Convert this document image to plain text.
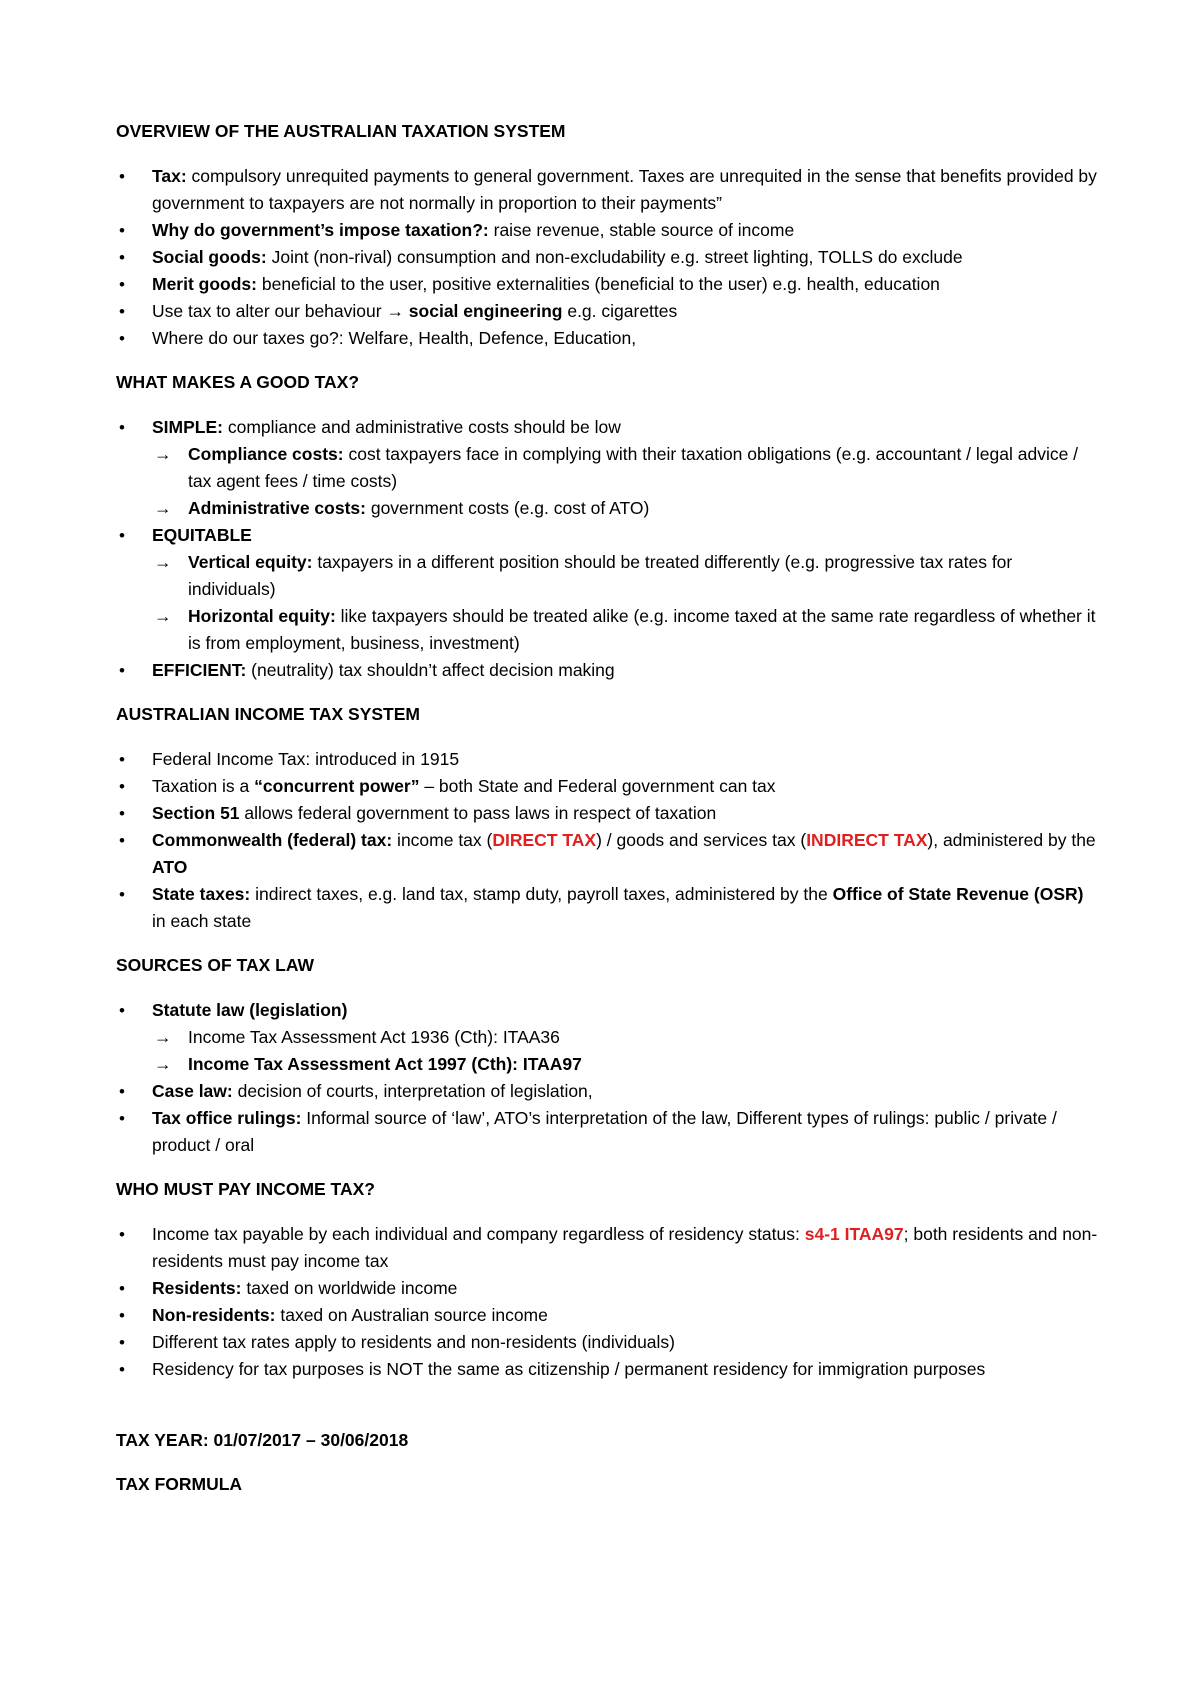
OVERVIEW OF THE AUSTRALIAN TAXATION SYSTEM

• Tax: compulsory unrequited payments to general government. Taxes are unrequited in the sense that benefits provided by government to taxpayers are not normally in proportion to their payments”
• Why do government’s impose taxation?: raise revenue, stable source of income
• Social goods: Joint (non-rival) consumption and non-excludability e.g. street lighting, TOLLS do exclude
• Merit goods: beneficial to the user, positive externalities (beneficial to the user) e.g. health, education
• Use tax to alter our behaviour → social engineering e.g. cigarettes
• Where do our taxes go?: Welfare, Health, Defence, Education,

WHAT MAKES A GOOD TAX?

• SIMPLE: compliance and administrative costs should be low
→ Compliance costs: cost taxpayers face in complying with their taxation obligations (e.g. accountant / legal advice / tax agent fees / time costs)
→ Administrative costs: government costs (e.g. cost of ATO)
• EQUITABLE
→ Vertical equity: taxpayers in a different position should be treated differently (e.g. progressive tax rates for individuals)
→ Horizontal equity: like taxpayers should be treated alike (e.g. income taxed at the same rate regardless of whether it is from employment, business, investment)
• EFFICIENT: (neutrality) tax shouldn’t affect decision making

AUSTRALIAN INCOME TAX SYSTEM

• Federal Income Tax: introduced in 1915
• Taxation is a “concurrent power” – both State and Federal government can tax
• Section 51 allows federal government to pass laws in respect of taxation
• Commonwealth (federal) tax: income tax (DIRECT TAX) / goods and services tax (INDIRECT TAX), administered by the ATO
• State taxes: indirect taxes, e.g. land tax, stamp duty, payroll taxes, administered by the Office of State Revenue (OSR) in each state

SOURCES OF TAX LAW

• Statute law (legislation)
→ Income Tax Assessment Act 1936 (Cth): ITAA36
→ Income Tax Assessment Act 1997 (Cth): ITAA97
• Case law: decision of courts, interpretation of legislation,
• Tax office rulings: Informal source of ‘law’, ATO’s interpretation of the law, Different types of rulings: public / private / product / oral

WHO MUST PAY INCOME TAX?

• Income tax payable by each individual and company regardless of residency status: s4-1 ITAA97; both residents and non-residents must pay income tax
• Residents: taxed on worldwide income
• Non-residents: taxed on Australian source income
• Different tax rates apply to residents and non-residents (individuals)
• Residency for tax purposes is NOT the same as citizenship / permanent residency for immigration purposes

TAX YEAR: 01/07/2017 – 30/06/2018

TAX FORMULA
